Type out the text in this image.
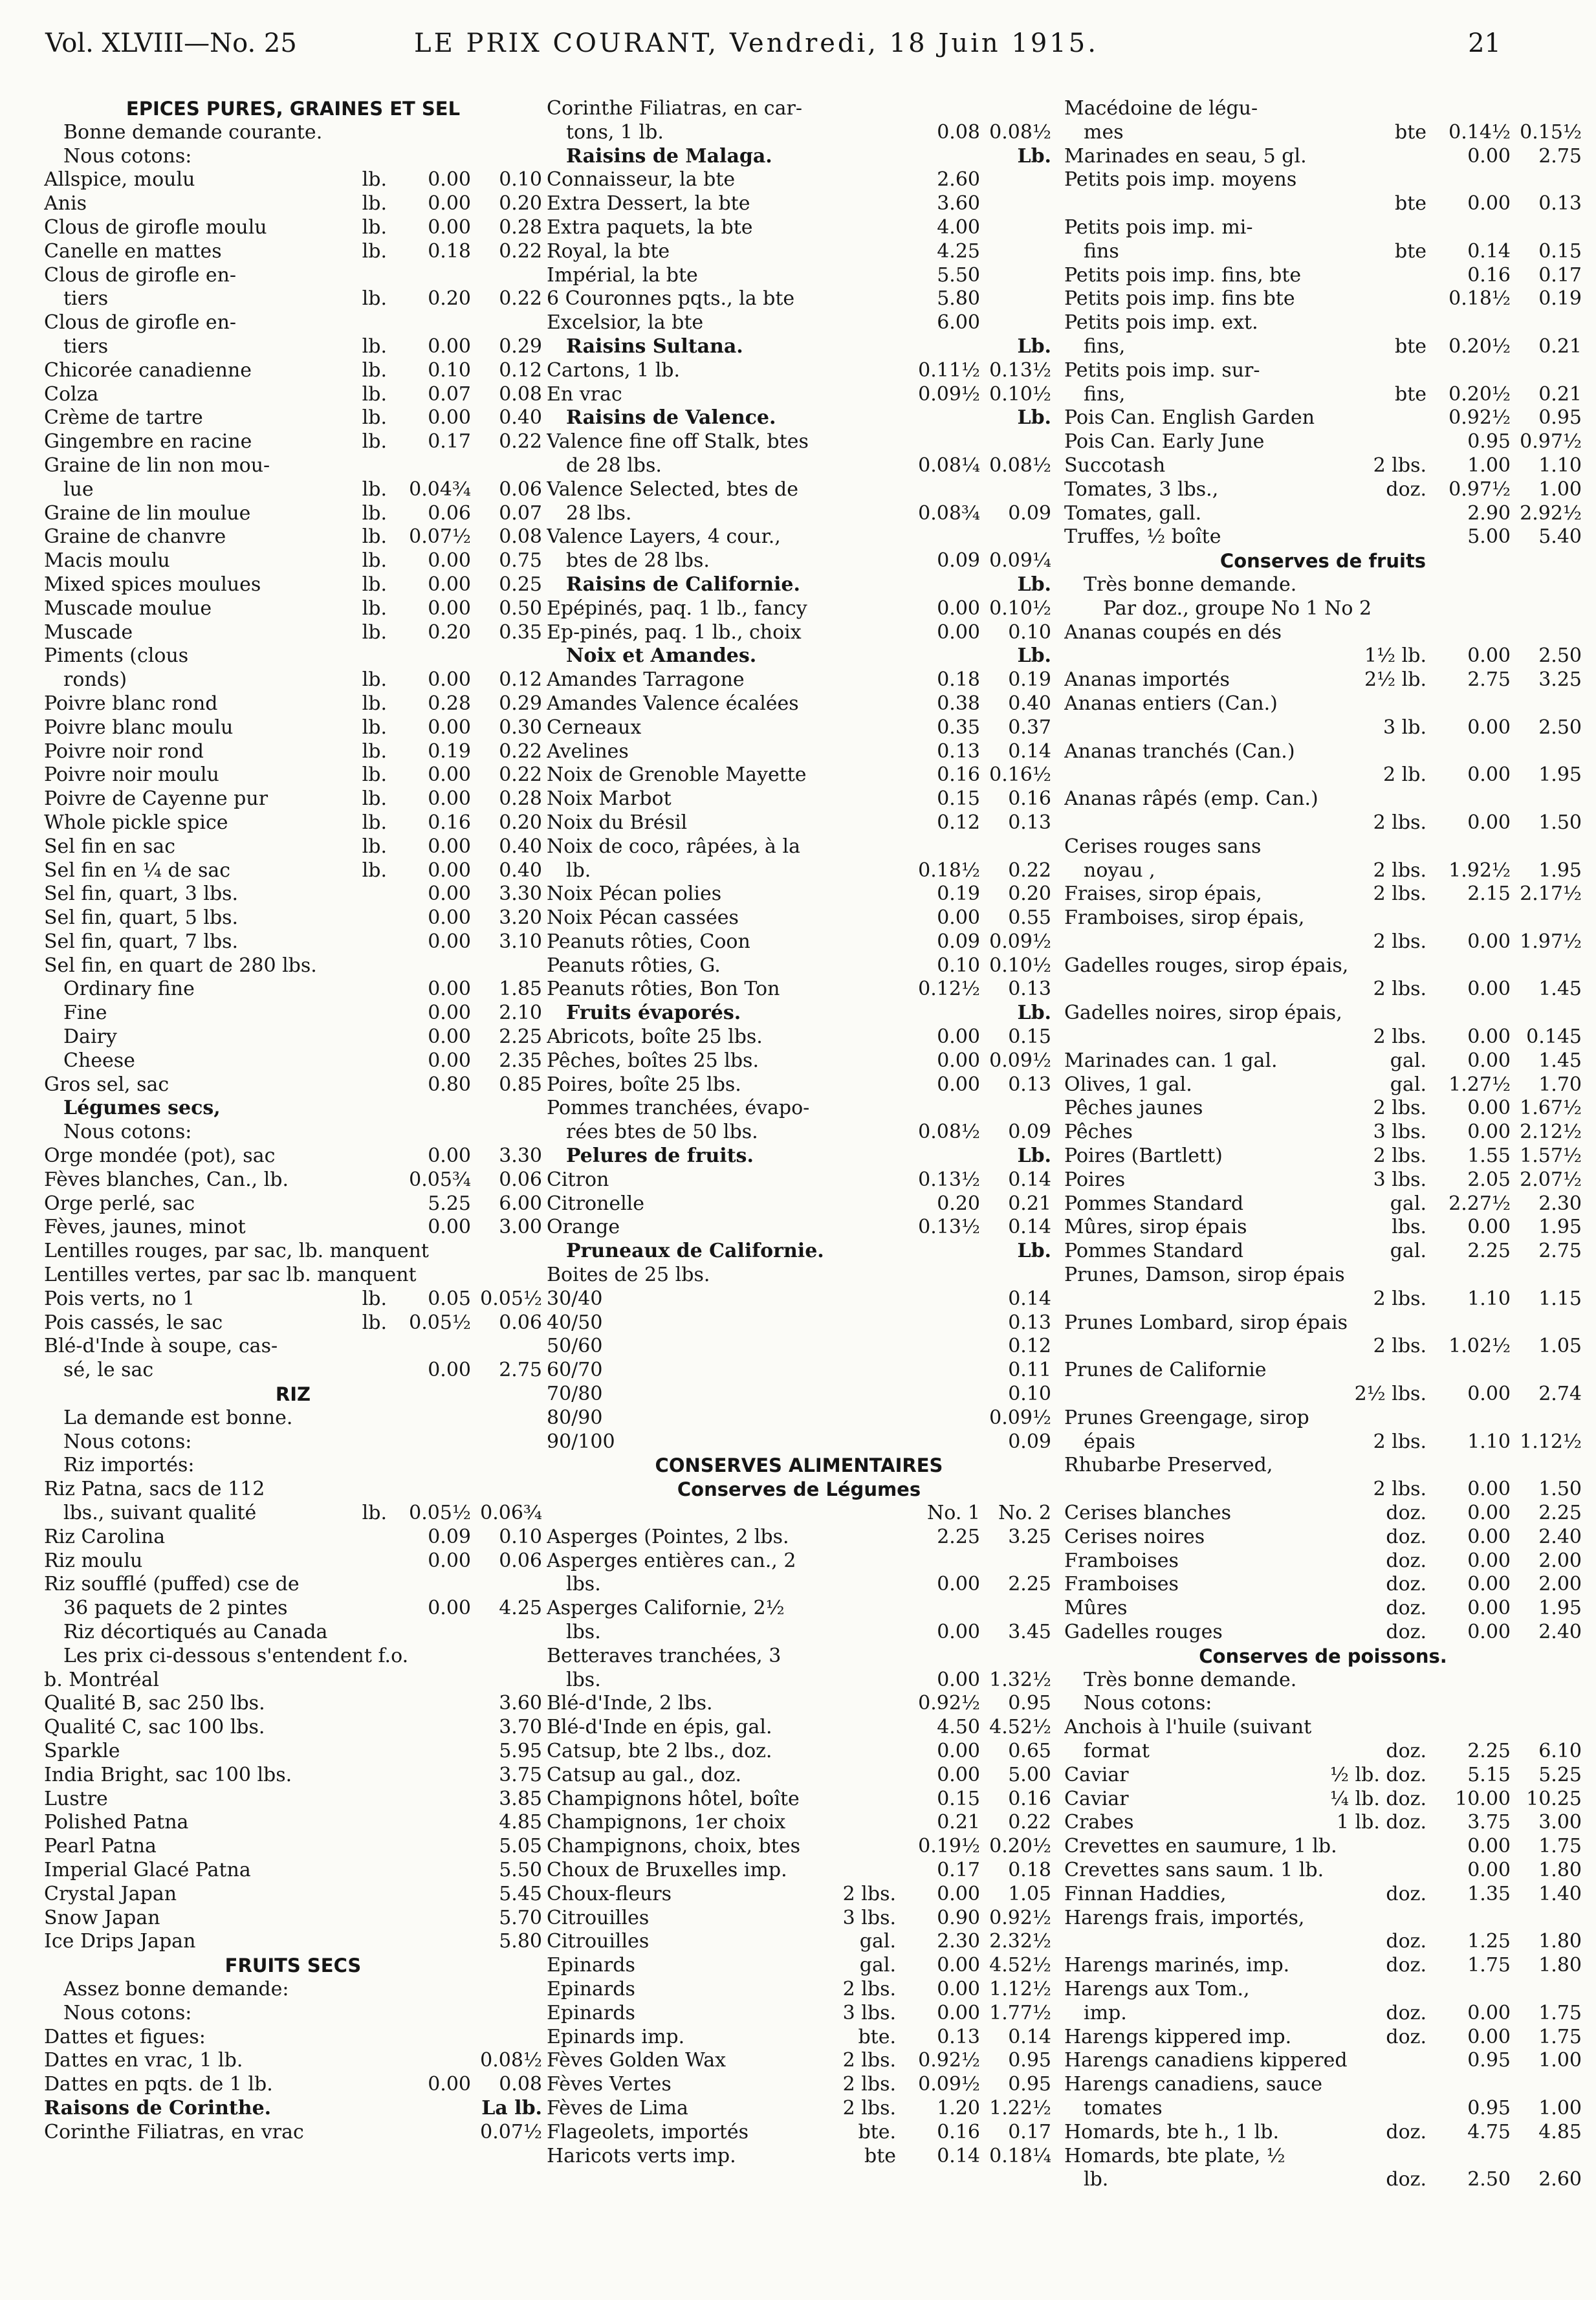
Vol. XLVIII—No. 25	LE PRIX COURANT, Vendredi, 18 Juin 1915.	21
EPICES PURES, GRAINES ET SEL
Bonne demande courante.
Nous cotons:
Allspice, moulu	lb. 0.00 0.10
Anis	lb. 0.00 0.20
Clous de girofle moulu	lb. 0.00 0.28
Canelle en mattes	lb. 0.18 0.22
Clous de girofle en-
tiers	lb. 0.20 0.22
Clous de girofle en-
tiers	lb. 0.00 0.29
Chicorée canadienne	lb. 0.10 0.12
Colza	lb. 0.07 0.08
Crème de tartre	lb. 0.00 0.40
Gingembre en racine	lb. 0.17 0.22
Graine de lin non mou-
lue	lb. 0.04¾ 0.06
Graine de lin moulue	lb. 0.06 0.07
Graine de chanvre	lb. 0.07½ 0.08
Macis moulu	lb. 0.00 0.75
Mixed spices moulues	lb. 0.00 0.25
Muscade moulue	lb. 0.00 0.50
Muscade	lb. 0.20 0.35
Piments (clous
ronds)	lb. 0.00 0.12
Poivre blanc rond	lb. 0.28 0.29
Poivre blanc moulu	lb. 0.00 0.30
Poivre noir rond	lb. 0.19 0.22
Poivre noir moulu	lb. 0.00 0.22
Poivre de Cayenne pur	lb. 0.00 0.28
Whole pickle spice	lb. 0.16 0.20
Sel fin en sac	lb. 0.00 0.40
Sel fin en ¼ de sac	lb. 0.00 0.40
Sel fin, quart, 3 lbs.	0.00 3.30
Sel fin, quart, 5 lbs.	0.00 3.20
Sel fin, quart, 7 lbs.	0.00 3.10
Sel fin, en quart de 280 lbs.
Ordinary fine	0.00 1.85
Fine	0.00 2.10
Dairy	0.00 2.25
Cheese	0.00 2.35
Gros sel, sac	0.80 0.85
Légumes secs,
Nous cotons:
Orge mondée (pot), sac	0.00 3.30
Fèves blanches, Can., lb.	0.05¾ 0.06
Orge perlé, sac	5.25 6.00
Fèves, jaunes, minot	0.00 3.00
Lentilles rouges, par sac, lb. manquent
Lentilles vertes, par sac lb. manquent
Pois verts, no 1	lb. 0.05 0.05½
Pois cassés, le sac	lb. 0.05½ 0.06
Blé-d'Inde à soupe, cas-
sé, le sac	0.00 2.75
RIZ
La demande est bonne.
Nous cotons:
Riz importés:
Riz Patna, sacs de 112
lbs., suivant qualité	lb. 0.05½ 0.06¾
Riz Carolina	0.09 0.10
Riz moulu	0.00 0.06
Riz soufflé (puffed) cse de
36 paquets de 2 pintes	0.00 4.25
Riz décortiqués au Canada
Les prix ci-dessous s'entendent f.o.
b. Montréal
Qualité B, sac 250 lbs.	3.60
Qualité C, sac 100 lbs.	3.70
Sparkle	5.95
India Bright, sac 100 lbs.	3.75
Lustre	3.85
Polished Patna	4.85
Pearl Patna	5.05
Imperial Glacé Patna	5.50
Crystal Japan	5.45
Snow Japan	5.70
Ice Drips Japan	5.80
FRUITS SECS
Assez bonne demande:
Nous cotons:
Dattes et figues:
Dattes en vrac, 1 lb.	0.08½
Dattes en pqts. de 1 lb.	0.00 0.08
Raisons de Corinthe.	La lb.
Corinthe Filiatras, en vrac	0.07½
Corinthe Filiatras, en car-
tons, 1 lb.	0.08 0.08½
Raisins de Malaga.	Lb.
Connaisseur, la bte	2.60
Extra Dessert, la bte	3.60
Extra paquets, la bte	4.00
Royal, la bte	4.25
Impérial, la bte	5.50
6 Couronnes pqts., la bte	5.80
Excelsior, la bte	6.00
Raisins Sultana.	Lb.
Cartons, 1 lb.	0.11½ 0.13½
En vrac	0.09½ 0.10½
Raisins de Valence.	Lb.
Valence fine off Stalk, btes
de 28 lbs.	0.08¼ 0.08½
Valence Selected, btes de
28 lbs.	0.08¾ 0.09
Valence Layers, 4 cour.,
btes de 28 lbs.	0.09 0.09¼
Raisins de Californie.	Lb.
Epépinés, paq. 1 lb., fancy	0.00 0.10½
Ep-pinés, paq. 1 lb., choix	0.00 0.10
Noix et Amandes.	Lb.
Amandes Tarragone	0.18 0.19
Amandes Valence écalées	0.38 0.40
Cerneaux	0.35 0.37
Avelines	0.13 0.14
Noix de Grenoble Mayette	0.16 0.16½
Noix Marbot	0.15 0.16
Noix du Brésil	0.12 0.13
Noix de coco, râpées, à la
lb.	0.18½ 0.22
Noix Pécan polies	0.19 0.20
Noix Pécan cassées	0.00 0.55
Peanuts rôties, Coon	0.09 0.09½
Peanuts rôties, G.	0.10 0.10½
Peanuts rôties, Bon Ton	0.12½ 0.13
Fruits évaporés.	Lb.
Abricots, boîte 25 lbs.	0.00 0.15
Pêches, boîtes 25 lbs.	0.00 0.09½
Poires, boîte 25 lbs.	0.00 0.13
Pommes tranchées, évapo-
rées btes de 50 lbs.	0.08½ 0.09
Pelures de fruits.	Lb.
Citron	0.13½ 0.14
Citronelle	0.20 0.21
Orange	0.13½ 0.14
Pruneaux de Californie.	Lb.
Boites de 25 lbs.
30/40	0.14
40/50	0.13
50/60	0.12
60/70	0.11
70/80	0.10
80/90	0.09½
90/100	0.09
CONSERVES ALIMENTAIRES
Conserves de Légumes
No. 1 No. 2
Asperges (Pointes, 2 lbs.	2.25 3.25
Asperges entières can., 2
lbs.	0.00 2.25
Asperges Californie, 2½
lbs.	0.00 3.45
Betteraves tranchées, 3
lbs.	0.00 1.32½
Blé-d'Inde, 2 lbs.	0.92½ 0.95
Blé-d'Inde en épis, gal.	4.50 4.52½
Catsup, bte 2 lbs., doz.	0.00 0.65
Catsup au gal., doz.	0.00 5.00
Champignons hôtel, boîte	0.15 0.16
Champignons, 1er choix	0.21 0.22
Champignons, choix, btes	0.19½ 0.20½
Choux de Bruxelles imp.	0.17 0.18
Choux-fleurs	2 lbs. 0.00 1.05
Citrouilles	3 lbs. 0.90 0.92½
Citrouilles	gal. 2.30 2.32½
Epinards	gal. 0.00 4.52½
Epinards	2 lbs. 0.00 1.12½
Epinards	3 lbs. 0.00 1.77½
Epinards imp.	bte. 0.13 0.14
Fèves Golden Wax	2 lbs. 0.92½ 0.95
Fèves Vertes	2 lbs. 0.09½ 0.95
Fèves de Lima	2 lbs. 1.20 1.22½
Flageolets, importés	bte. 0.16 0.17
Haricots verts imp.	bte 0.14 0.18¼
Macédoine de légu-
mes	bte 0.14½ 0.15½
Marinades en seau, 5 gl.	0.00 2.75
Petits pois imp. moyens
bte 0.00 0.13
Petits pois imp. mi-
fins	bte 0.14 0.15
Petits pois imp. fins, bte	0.16 0.17
Petits pois imp. fins bte	0.18½ 0.19
Petits pois imp. ext.
fins,	bte 0.20½ 0.21
Petits pois imp. sur-
fins,	bte 0.20½ 0.21
Pois Can. English Garden	0.92½ 0.95
Pois Can. Early June	0.95 0.97½
Succotash	2 lbs. 1.00 1.10
Tomates, 3 lbs.,	doz. 0.97½ 1.00
Tomates, gall.	2.90 2.92½
Truffes, ½ boîte	5.00 5.40
Conserves de fruits
Très bonne demande.
Par doz., groupe No 1 No 2
Ananas coupés en dés
1½ lb. 0.00 2.50
Ananas importés	2½ lb. 2.75 3.25
Ananas entiers (Can.)
3 lb. 0.00 2.50
Ananas tranchés (Can.)
2 lb. 0.00 1.95
Ananas râpés (emp. Can.)
2 lbs. 0.00 1.50
Cerises rouges sans
noyau ,	2 lbs. 1.92½ 1.95
Fraises, sirop épais,	2 lbs. 2.15 2.17½
Framboises, sirop épais,
2 lbs. 0.00 1.97½
Gadelles rouges, sirop épais,
2 lbs. 0.00 1.45
Gadelles noires, sirop épais,
2 lbs. 0.00 0.145
Marinades can. 1 gal.	gal. 0.00 1.45
Olives, 1 gal.	gal. 1.27½ 1.70
Pêches jaunes	2 lbs. 0.00 1.67½
Pêches	3 lbs. 0.00 2.12½
Poires (Bartlett)	2 lbs. 1.55 1.57½
Poires	3 lbs. 2.05 2.07½
Pommes Standard	gal. 2.27½ 2.30
Mûres, sirop épais	lbs. 0.00 1.95
Pommes Standard	gal. 2.25 2.75
Prunes, Damson, sirop épais
2 lbs. 1.10 1.15
Prunes Lombard, sirop épais
2 lbs. 1.02½ 1.05
Prunes de Californie
2½ lbs. 0.00 2.74
Prunes Greengage, sirop
épais	2 lbs. 1.10 1.12½
Rhubarbe Preserved,
2 lbs. 0.00 1.50
Cerises blanches	doz. 0.00 2.25
Cerises noires	doz. 0.00 2.40
Framboises	doz. 0.00 2.00
Framboises	doz. 0.00 2.00
Mûres	doz. 0.00 1.95
Gadelles rouges	doz. 0.00 2.40
Conserves de poissons.
Très bonne demande.
Nous cotons:
Anchois à l'huile (suivant
format	doz. 2.25 6.10
Caviar	½ lb. doz. 5.15 5.25
Caviar	¼ lb. doz. 10.00 10.25
Crabes	1 lb. doz. 3.75 3.00
Crevettes en saumure, 1 lb.	0.00 1.75
Crevettes sans saum. 1 lb.	0.00 1.80
Finnan Haddies,	doz. 1.35 1.40
Harengs frais, importés,
doz. 1.25 1.80
Harengs marinés, imp.	doz. 1.75 1.80
Harengs aux Tom.,
imp.	doz. 0.00 1.75
Harengs kippered imp.	doz. 0.00 1.75
Harengs canadiens kippered	0.95 1.00
Harengs canadiens, sauce
tomates	0.95 1.00
Homards, bte h., 1 lb.	doz. 4.75 4.85
Homards, bte plate, ½
lb.	doz. 2.50 2.60
